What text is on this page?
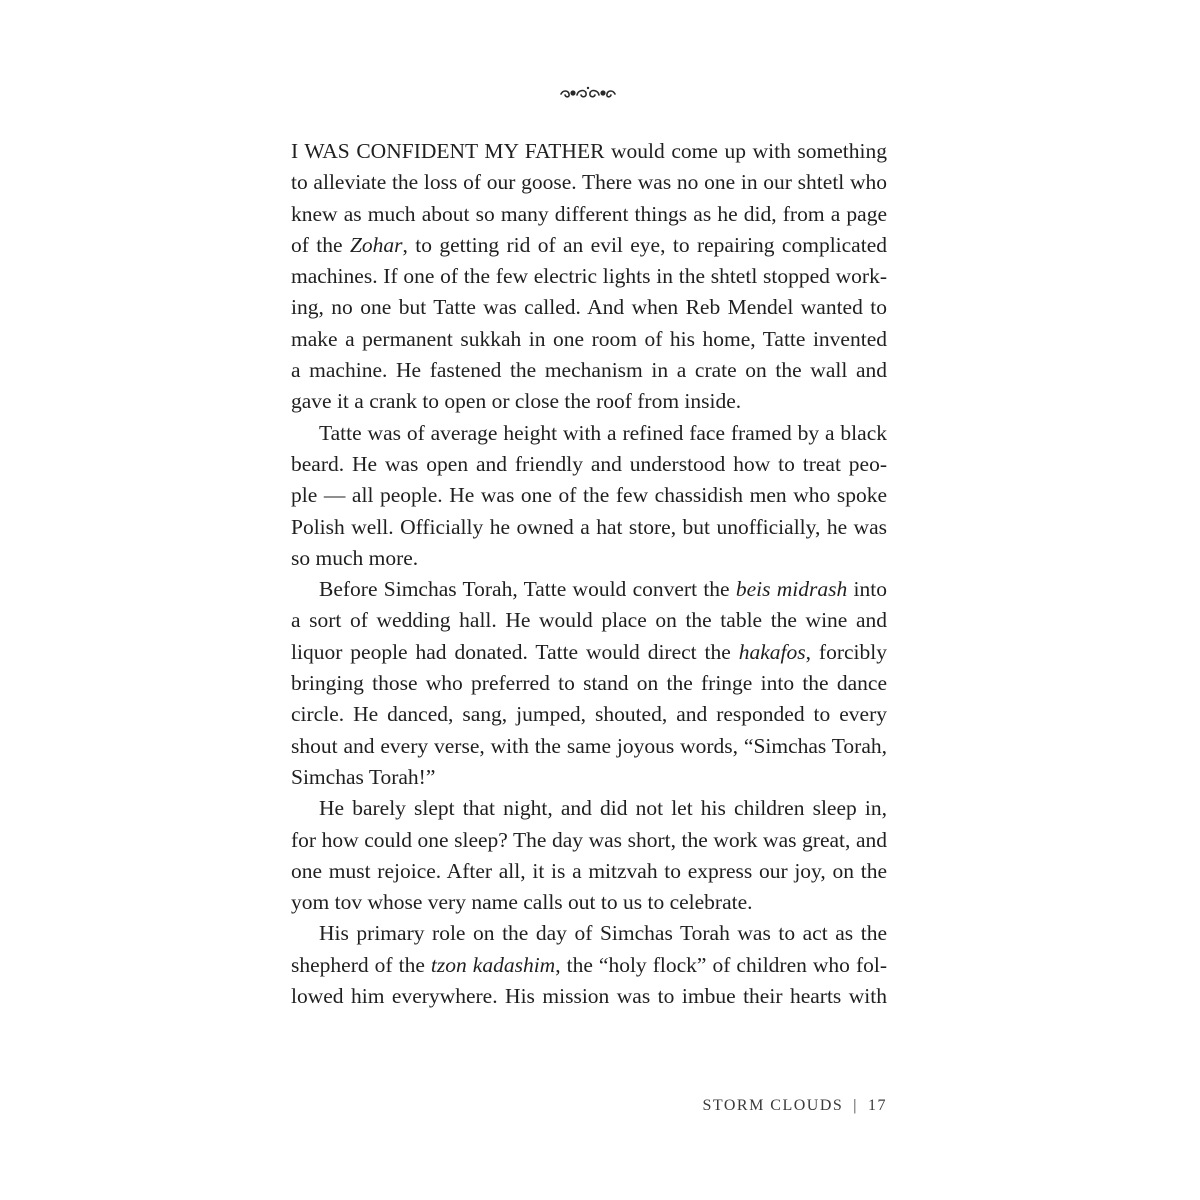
I WAS CONFIDENT MY FATHER would come up with something
to alleviate the loss of our goose. There was no one in our shtetl who
knew as much about so many different things as he did, from a page
of the Zohar, to getting rid of an evil eye, to repairing complicated
machines. If one of the few electric lights in the shtetl stopped work-
ing, no one but Tatte was called. And when Reb Mendel wanted to
make a permanent sukkah in one room of his home, Tatte invented
a machine. He fastened the mechanism in a crate on the wall and
gave it a crank to open or close the roof from inside.
Tatte was of average height with a refined face framed by a black
beard. He was open and friendly and understood how to treat peo-
ple — all people. He was one of the few chassidish men who spoke
Polish well. Officially he owned a hat store, but unofficially, he was
so much more.
Before Simchas Torah, Tatte would convert the beis midrash into
a sort of wedding hall. He would place on the table the wine and
liquor people had donated. Tatte would direct the hakafos, forcibly
bringing those who preferred to stand on the fringe into the dance
circle. He danced, sang, jumped, shouted, and responded to every
shout and every verse, with the same joyous words, “Simchas Torah,
Simchas Torah!”
He barely slept that night, and did not let his children sleep in,
for how could one sleep? The day was short, the work was great, and
one must rejoice. After all, it is a mitzvah to express our joy, on the
yom tov whose very name calls out to us to celebrate.
His primary role on the day of Simchas Torah was to act as the
shepherd of the tzon kadashim, the “holy flock” of children who fol-
lowed him everywhere. His mission was to imbue their hearts with
STORM CLOUDS | 17
